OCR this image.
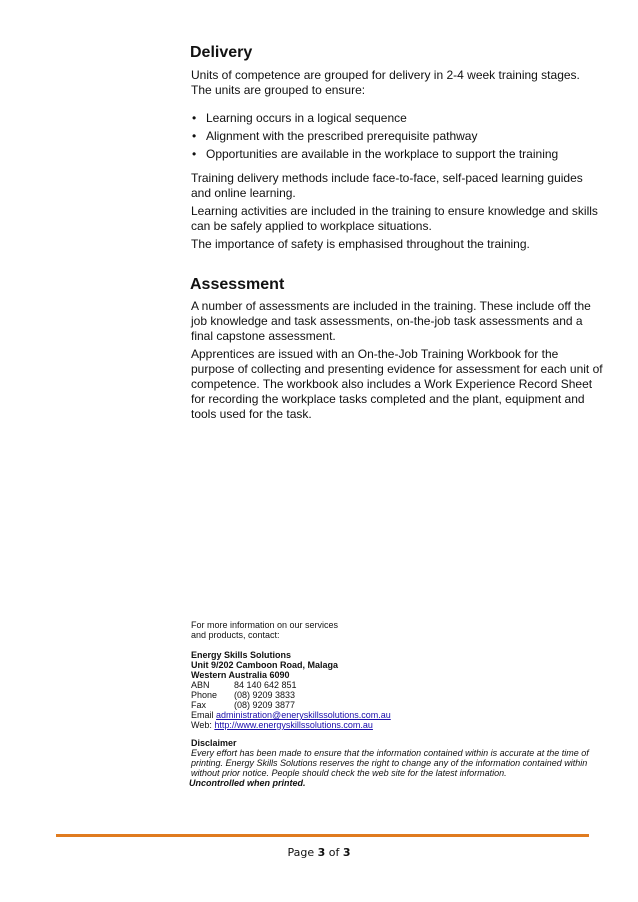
Delivery

Units of competence are grouped for delivery in 2-4 week training stages. The units are grouped to ensure:

• Learning occurs in a logical sequence
• Alignment with the prescribed prerequisite pathway
• Opportunities are available in the workplace to support the training

Training delivery methods include face-to-face, self-paced learning guides and online learning.

Learning activities are included in the training to ensure knowledge and skills can be safely applied to workplace situations.

The importance of safety is emphasised throughout the training.

Assessment

A number of assessments are included in the training. These include off the job knowledge and task assessments, on-the-job task assessments and a final capstone assessment.

Apprentices are issued with an On-the-Job Training Workbook for the purpose of collecting and presenting evidence for assessment for each unit of competence. The workbook also includes a Work Experience Record Sheet for recording the workplace tasks completed and the plant, equipment and tools used for the task.

For more information on our services
and products, contact:
Energy Skills Solutions
Unit 9/202 Camboon Road, Malaga
Western Australia 6090
ABN	84 140 642 851
Phone (08) 9209 3833
Fax	(08) 9209 3877
Email administration@eneryskillssolutions.com.au
Web: http://www.energyskillssolutions.com.au
Disclaimer
Every effort has been made to ensure that the information contained within is accurate at the time of
printing. Energy Skills Solutions reserves the right to change any of the information contained within
without prior notice. People should check the web site for the latest information.
Uncontrolled when printed.
Page 3 of 3
